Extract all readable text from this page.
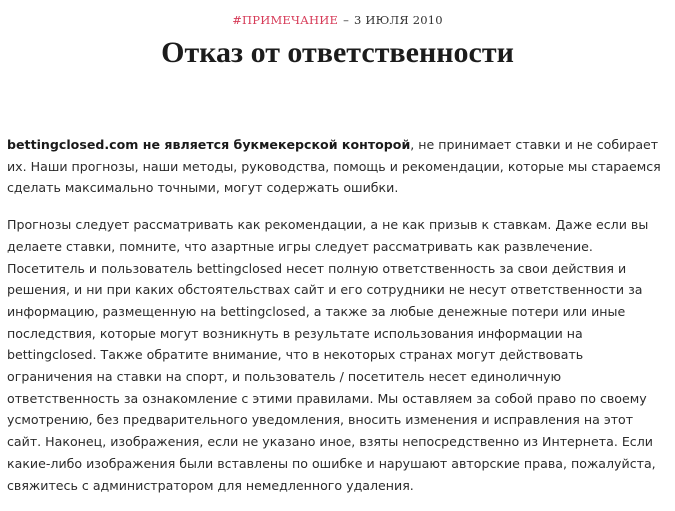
#ПРИМЕЧАНИЕ – 3 ИЮЛЯ 2010
Отказ от ответственности

bettingclosed.com не является букмекерской конторой, не принимает ставки и не собирает их. Наши прогнозы, наши методы, руководства, помощь и рекомендации, которые мы стараемся сделать максимально точными, могут содержать ошибки.

Прогнозы следует рассматривать как рекомендации, а не как призыв к ставкам. Даже если вы делаете ставки, помните, что азартные игры следует рассматривать как развлечение. Посетитель и пользователь bettingclosed несет полную ответственность за свои действия и решения, и ни при каких обстоятельствах сайт и его сотрудники не несут ответственности за информацию, размещенную на bettingclosed, а также за любые денежные потери или иные последствия, которые могут возникнуть в результате использования информации на bettingclosed. Также обратите внимание, что в некоторых странах могут действовать ограничения на ставки на спорт, и пользователь / посетитель несет единоличную ответственность за ознакомление с этими правилами. Мы оставляем за собой право по своему усмотрению, без предварительного уведомления, вносить изменения и исправления на этот сайт. Наконец, изображения, если не указано иное, взяты непосредственно из Интернета. Если какие-либо изображения были вставлены по ошибке и нарушают авторские права, пожалуйста, свяжитесь с администратором для немедленного удаления.
